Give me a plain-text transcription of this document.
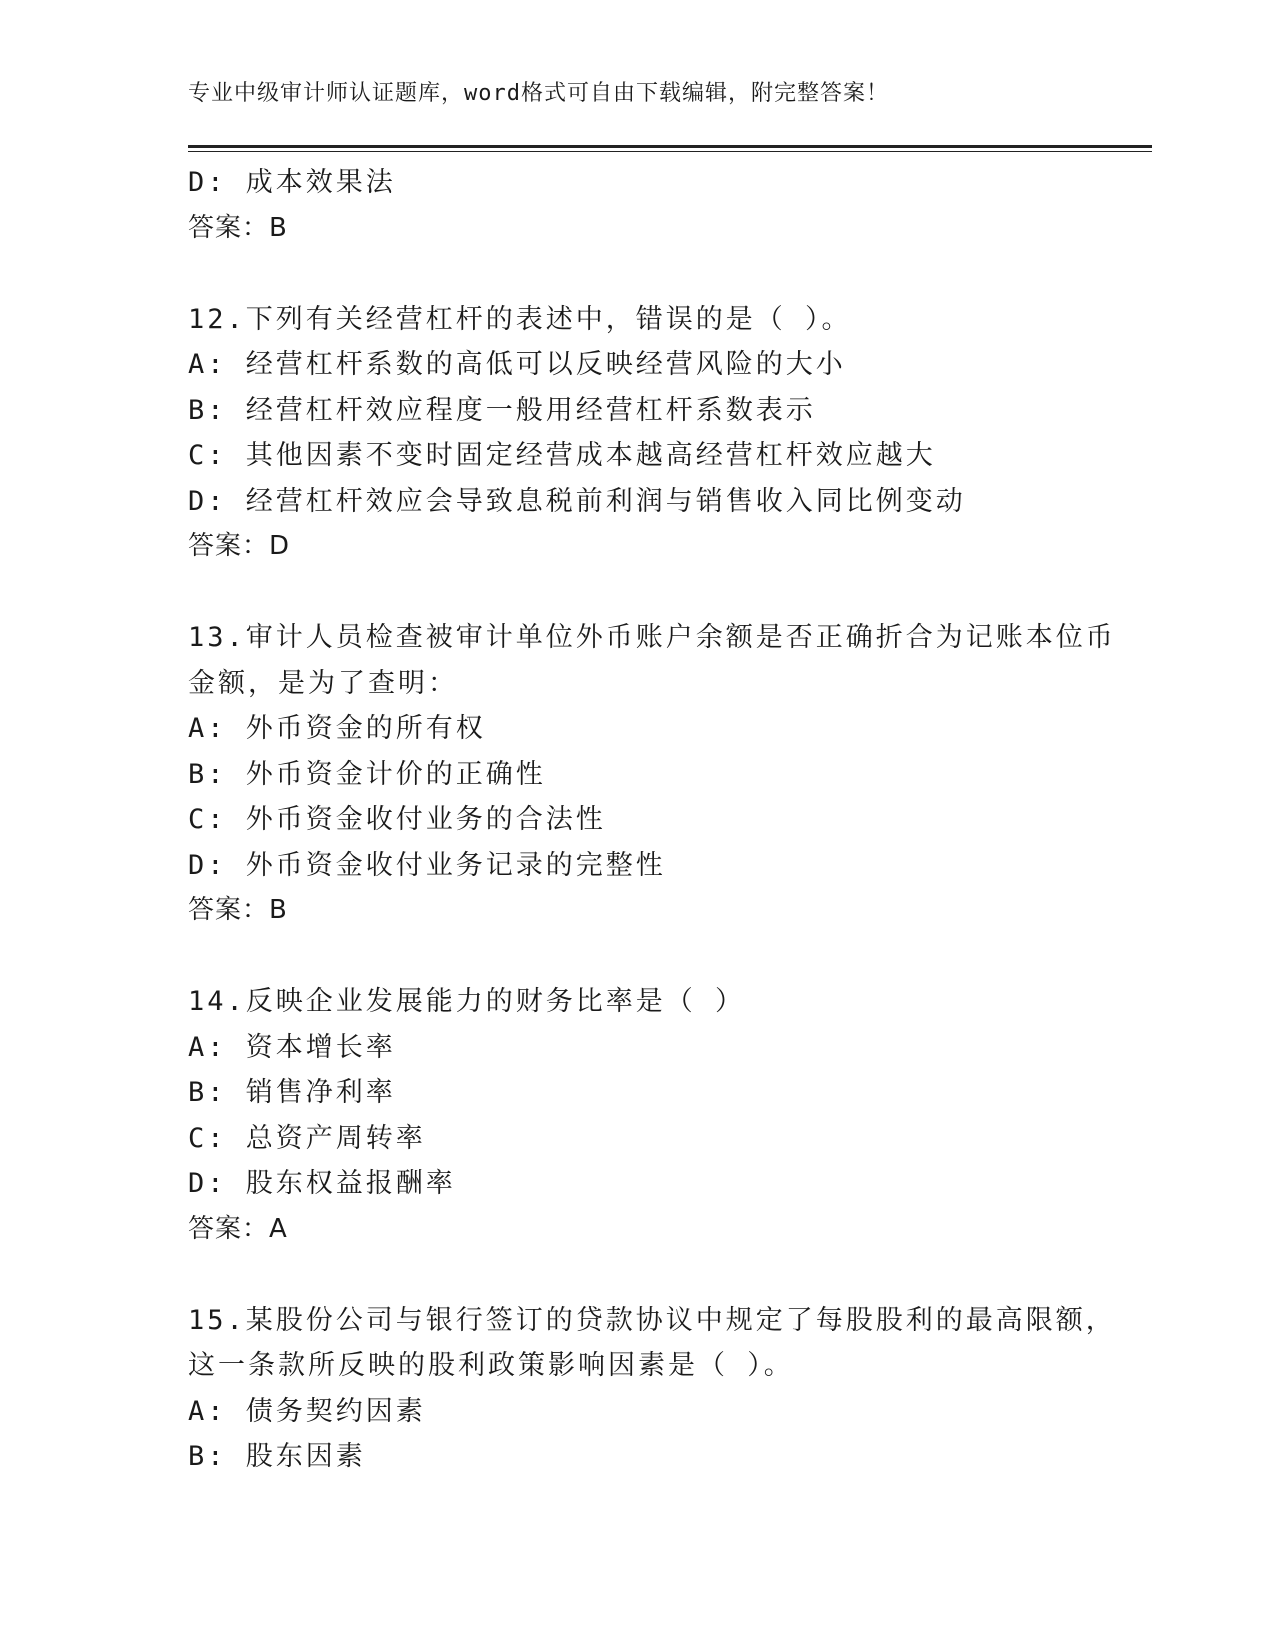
专业中级审计师认证题库，word格式可自由下载编辑，附完整答案！
D: 成本效果法
答案：B
12.下列有关经营杠杆的表述中，错误的是（ ）。
A: 经营杠杆系数的高低可以反映经营风险的大小
B: 经营杠杆效应程度一般用经营杠杆系数表示
C: 其他因素不变时固定经营成本越高经营杠杆效应越大
D: 经营杠杆效应会导致息税前利润与销售收入同比例变动
答案：D
13.审计人员检查被审计单位外币账户余额是否正确折合为记账本位币
金额，是为了查明：
A: 外币资金的所有权
B: 外币资金计价的正确性
C: 外币资金收付业务的合法性
D: 外币资金收付业务记录的完整性
答案：B
14.反映企业发展能力的财务比率是（ ）
A: 资本增长率
B: 销售净利率
C: 总资产周转率
D: 股东权益报酬率
答案：A
15.某股份公司与银行签订的贷款协议中规定了每股股利的最高限额，
这一条款所反映的股利政策影响因素是（ ）。
A: 债务契约因素
B: 股东因素
